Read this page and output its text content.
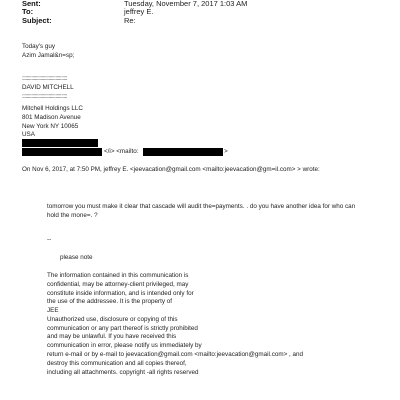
Sent:	Tuesday, November 7, 2017 1:03 AM
To:	jeffrey E.
Subject:	Re:
Today's guy
Azim Jamal&n=sp;
:::::::::::::::::::::::::::::::::::::::
DAVID MITCHELL
:::::::::::::::::::::::::::::::::::::::
Mitchell Holdings LLC
801 Madison Avenue
New York NY 10065
USA
</i> <mailto:	>
On Nov 6, 2017, at 7:50 PM, jeffrey E. <jeevacation@gmail.com <mailto:jeevacation@gm=il.com> > wrote:
tomorrow you must make it clear that cascade will audit the=payments. . do you have another idea for who can
hold the mone=. ?
--
please note
The information contained in this communication is
confidential, may be attorney-client privileged, may
constitute inside information, and is intended only for
the use of the addressee. It is the property of
JEE
Unauthorized use, disclosure or copying of this
communication or any part thereof is strictly prohibited
and may be unlawful. If you have received this
communication in error, please notify us immediately by
return e-mail or by e-mail to jeevacation@gmail.com <mailto:jeevacation@gmail.com> , and
destroy this communication and all copies thereof,
including all attachments. copyright -all rights reserved
